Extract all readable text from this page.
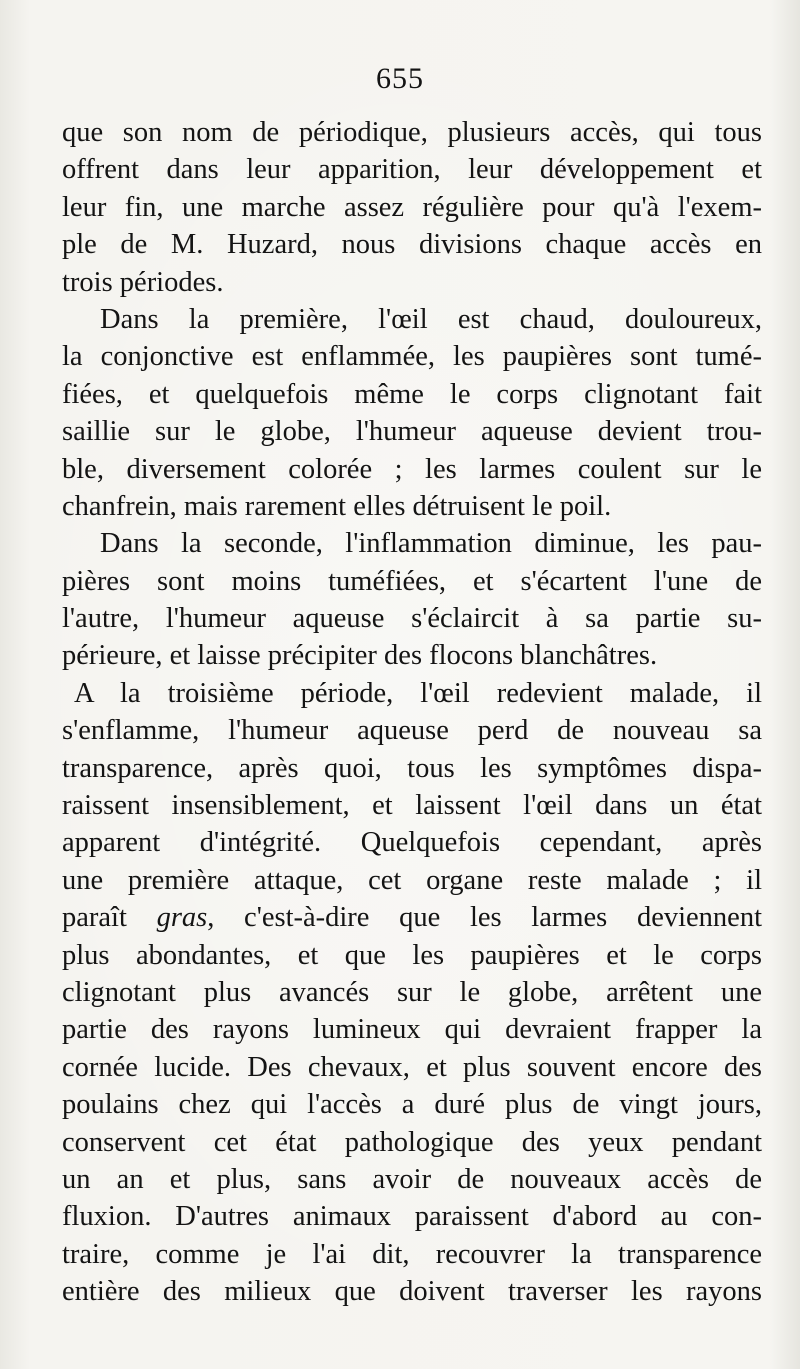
655
que son nom de périodique, plusieurs accès, qui tous
offrent dans leur apparition, leur développement et
leur fin, une marche assez régulière pour qu'à l'exem-
ple de M. Huzard, nous divisions chaque accès en
trois périodes.
Dans la première, l'œil est chaud, douloureux,
la conjonctive est enflammée, les paupières sont tumé-
fiées, et quelquefois même le corps clignotant fait
saillie sur le globe, l'humeur aqueuse devient trou-
ble, diversement colorée ; les larmes coulent sur le
chanfrein, mais rarement elles détruisent le poil.
Dans la seconde, l'inflammation diminue, les pau-
pières sont moins tuméfiées, et s'écartent l'une de
l'autre, l'humeur aqueuse s'éclaircit à sa partie su-
périeure, et laisse précipiter des flocons blanchâtres.
A la troisième période, l'œil redevient malade, il
s'enflamme, l'humeur aqueuse perd de nouveau sa
transparence, après quoi, tous les symptômes dispa-
raissent insensiblement, et laissent l'œil dans un état
apparent d'intégrité. Quelquefois cependant, après
une première attaque, cet organe reste malade ; il
paraît gras, c'est-à-dire que les larmes deviennent
plus abondantes, et que les paupières et le corps
clignotant plus avancés sur le globe, arrêtent une
partie des rayons lumineux qui devraient frapper la
cornée lucide. Des chevaux, et plus souvent encore des
poulains chez qui l'accès a duré plus de vingt jours,
conservent cet état pathologique des yeux pendant
un an et plus, sans avoir de nouveaux accès de
fluxion. D'autres animaux paraissent d'abord au con-
traire, comme je l'ai dit, recouvrer la transparence
entière des milieux que doivent traverser les rayons
